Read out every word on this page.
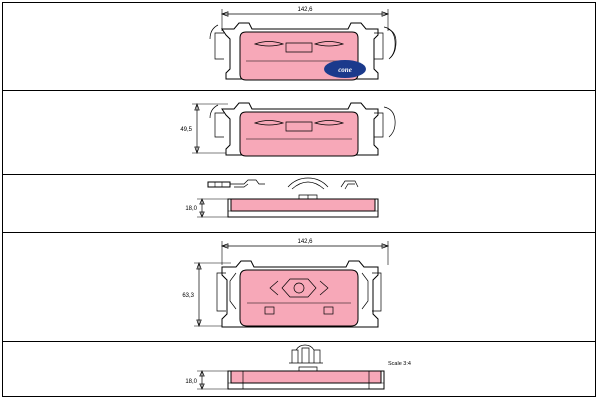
142,6
cone
49,5
18,0
142,6
63,3
18,0
Scale 3:4
